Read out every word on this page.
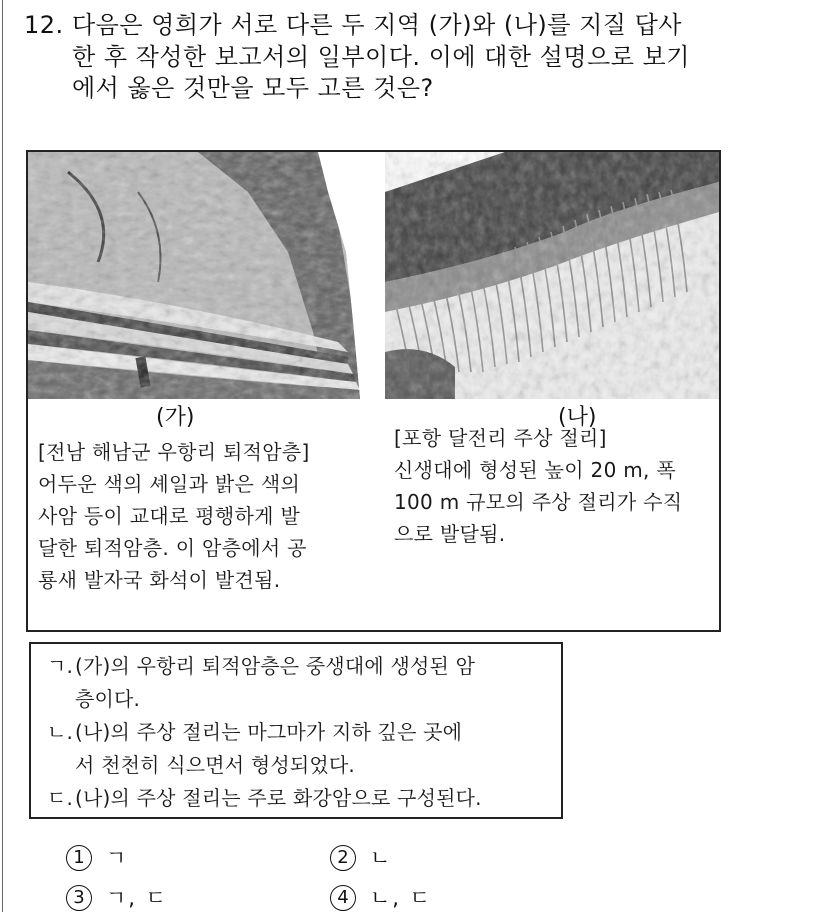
12. 다음은 영희가 서로 다른 두 지역 (가)와 (나)를 지질 답사
한 후 작성한 보고서의 일부이다. 이에 대한 설명으로 보기
에서 옳은 것만을 모두 고른 것은?
(가)	(나)
[전남 해남군 우항리 퇴적암층]
어두운 색의 셰일과 밝은 색의
사암 등이 교대로 평행하게 발
달한 퇴적암층. 이 암층에서 공
룡새 발자국 화석이 발견됨.
[포항 달전리 주상 절리]
신생대에 형성된 높이 20 m, 폭
100 m 규모의 주상 절리가 수직
으로 발달됨.
ㄱ.(가)의 우항리 퇴적암층은 중생대에 생성된 암
층이다.
ㄴ.(나)의 주상 절리는 마그마가 지하 깊은 곳에
서 천천히 식으면서 형성되었다.
ㄷ.(나)의 주상 절리는 주로 화강암으로 구성된다.
1 ㄱ	2 ㄴ
3 ㄱ, ㄷ	4 ㄴ, ㄷ
